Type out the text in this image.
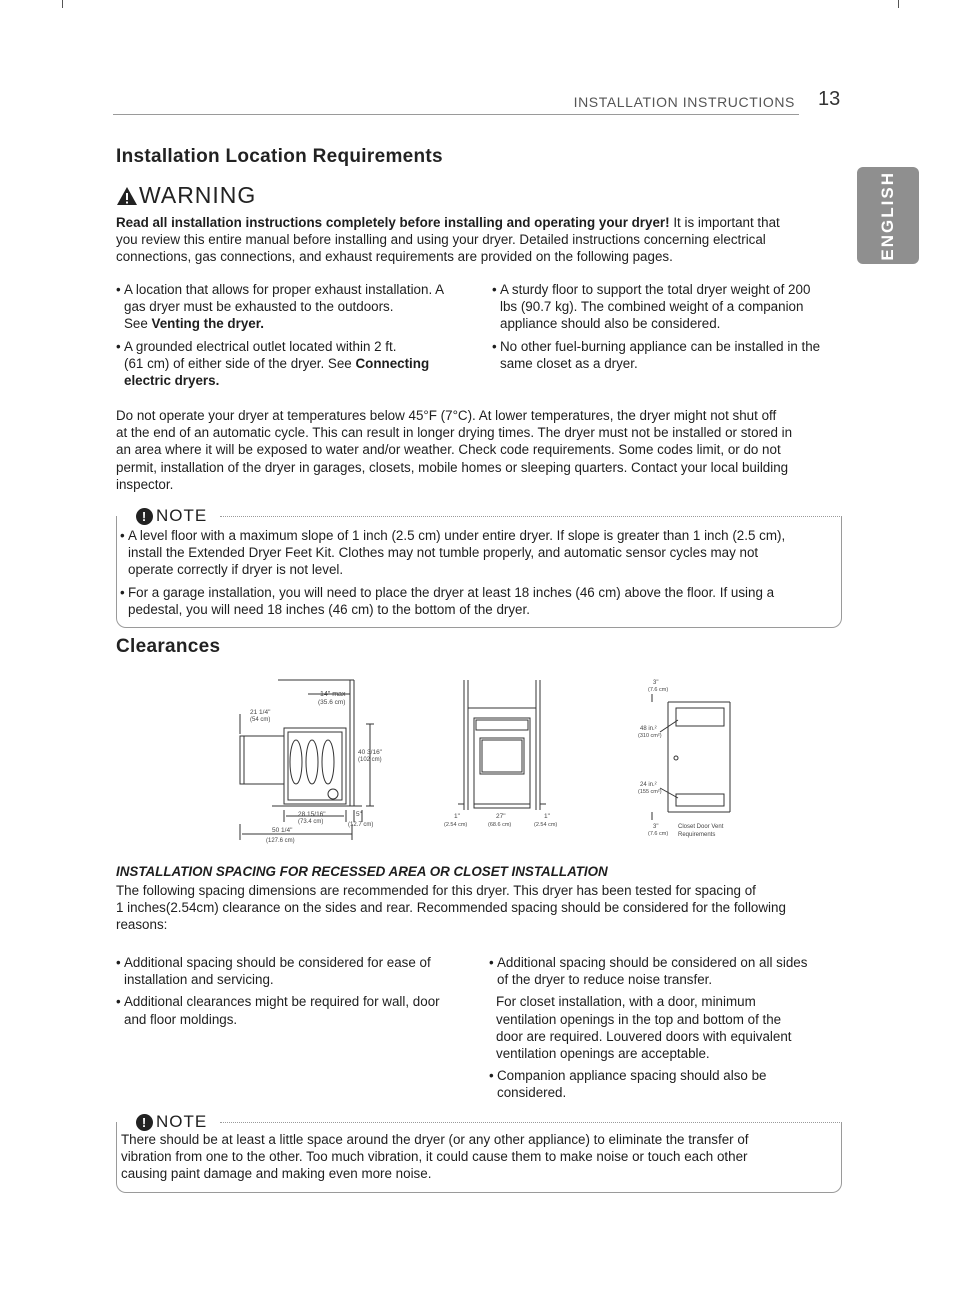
INSTALLATION INSTRUCTIONS 13
ENGLISH
Installation Location Requirements
WARNING
Read all installation instructions completely before installing and operating your dryer! It is important that
you review this entire manual before installing and using your dryer. Detailed instructions concerning electrical
connections, gas connections, and exhaust requirements are provided on the following pages.
• A location that allows for proper exhaust installation. A
gas dryer must be exhausted to the outdoors.
See Venting the dryer.
• A grounded electrical outlet located within 2 ft.
(61 cm) of either side of the dryer. See Connecting
electric dryers.
• A sturdy floor to support the total dryer weight of 200
lbs (90.7 kg). The combined weight of a companion
appliance should also be considered.
• No other fuel-burning appliance can be installed in the
same closet as a dryer.
Do not operate your dryer at temperatures below 45°F (7°C). At lower temperatures, the dryer might not shut off
at the end of an automatic cycle. This can result in longer drying times. The dryer must not be installed or stored in
an area where it will be exposed to water and/or weather. Check code requirements. Some codes limit, or do not
permit, installation of the dryer in garages, closets, mobile homes or sleeping quarters. Contact your local building
inspector.
! NOTE
• A level floor with a maximum slope of 1 inch (2.5 cm) under entire dryer. If slope is greater than 1 inch (2.5 cm),
install the Extended Dryer Feet Kit. Clothes may not tumble properly, and automatic sensor cycles may not
operate correctly if dryer is not level.
• For a garage installation, you will need to place the dryer at least 18 inches (46 cm) above the floor. If using a
pedestal, you will need 18 inches (46 cm) to the bottom of the dryer.
Clearances
14" max
(35.6 cm)
21 1/4"
(54 cm)
40 3/16"
(102 cm)
28 15/16"
(73.4 cm)
5"
(12.7 cm)
50 1/4"
(127.6 cm)
1"
(2.54 cm)
27"
(68.6 cm)
1"
(2.54 cm)
3"
(7.6 cm)
48 in.²
(310 cm²)
24 in.²
(155 cm²)
3"
(7.6 cm)
Closet Door Vent
Requirements
INSTALLATION SPACING FOR RECESSED AREA OR CLOSET INSTALLATION
The following spacing dimensions are recommended for this dryer. This dryer has been tested for spacing of
1 inches(2.54cm) clearance on the sides and rear. Recommended spacing should be considered for the following
reasons:
• Additional spacing should be considered for ease of
installation and servicing.
• Additional clearances might be required for wall, door
and floor moldings.
• Additional spacing should be considered on all sides
of the dryer to reduce noise transfer.
For closet installation, with a door, minimum
ventilation openings in the top and bottom of the
door are required. Louvered doors with equivalent
ventilation openings are acceptable.
• Companion appliance spacing should also be
considered.
! NOTE
There should be at least a little space around the dryer (or any other appliance) to eliminate the transfer of
vibration from one to the other. Too much vibration, it could cause them to make noise or touch each other
causing paint damage and making even more noise.
